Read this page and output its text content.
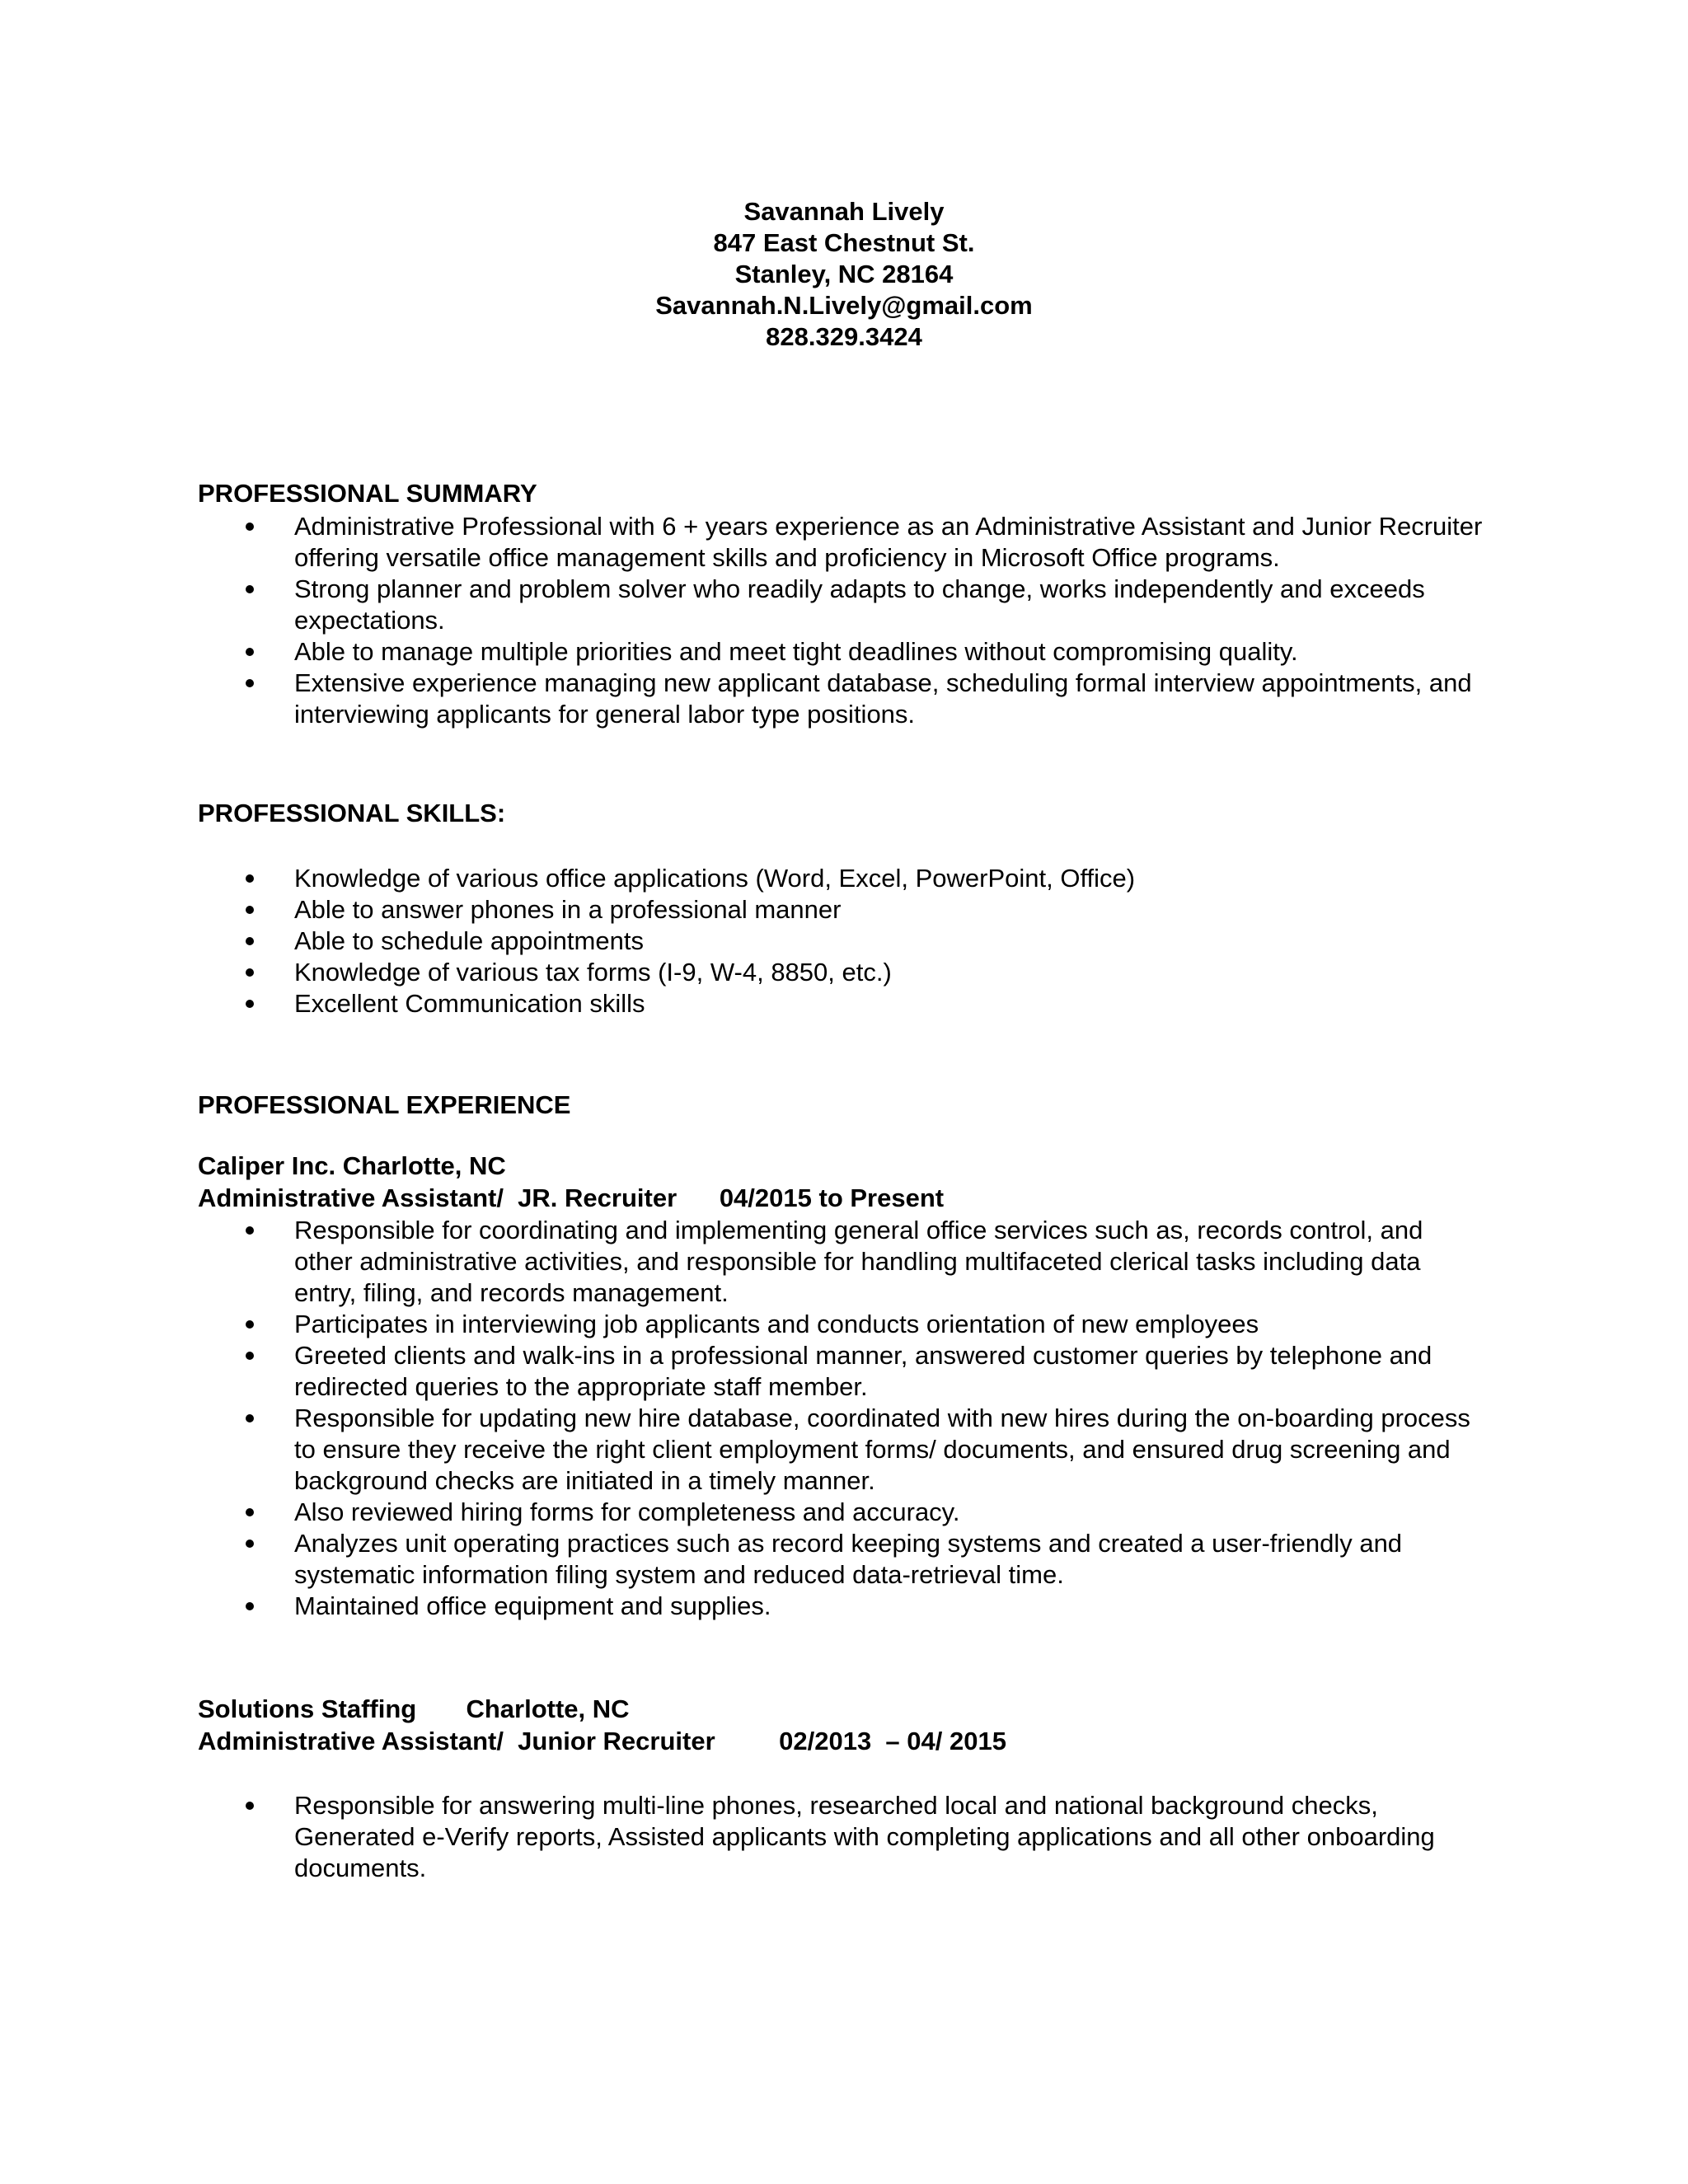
Savannah Lively
847 East Chestnut St.
Stanley, NC 28164
Savannah.N.Lively@gmail.com
828.329.3424
PROFESSIONAL SUMMARY
Administrative Professional with 6 + years experience as an Administrative Assistant and Junior Recruiter offering versatile office management skills and proficiency in Microsoft Office programs.
Strong planner and problem solver who readily adapts to change, works independently and exceeds expectations.
Able to manage multiple priorities and meet tight deadlines without compromising quality.
Extensive experience managing new applicant database, scheduling formal interview appointments, and interviewing applicants for general labor type positions.
PROFESSIONAL SKILLS:
Knowledge of various office applications (Word, Excel, PowerPoint, Office)
Able to answer phones in a professional manner
Able to schedule appointments
Knowledge of various tax forms (I-9, W-4, 8850, etc.)
Excellent Communication skills
PROFESSIONAL EXPERIENCE
Caliper Inc. Charlotte, NC
Administrative Assistant/  JR. Recruiter      04/2015 to Present
Responsible for coordinating and implementing general office services such as, records control, and other administrative activities, and responsible for handling multifaceted clerical tasks including data entry, filing, and records management.
Participates in interviewing job applicants and conducts orientation of new employees
Greeted clients and walk-ins in a professional manner, answered customer queries by telephone and redirected queries to the appropriate staff member.
Responsible for updating new hire database, coordinated with new hires during the on-boarding process to ensure they receive the right client employment forms/ documents, and ensured drug screening and background checks are initiated in a timely manner.
Also reviewed hiring forms for completeness and accuracy.
Analyzes unit operating practices such as record keeping systems and created a user-friendly and systematic information filing system and reduced data-retrieval time.
Maintained office equipment and supplies.
Solutions Staffing       Charlotte, NC
Administrative Assistant/  Junior Recruiter         02/2013  – 04/ 2015
Responsible for answering multi-line phones, researched local and national background checks, Generated e-Verify reports, Assisted applicants with completing applications and all other onboarding documents.
